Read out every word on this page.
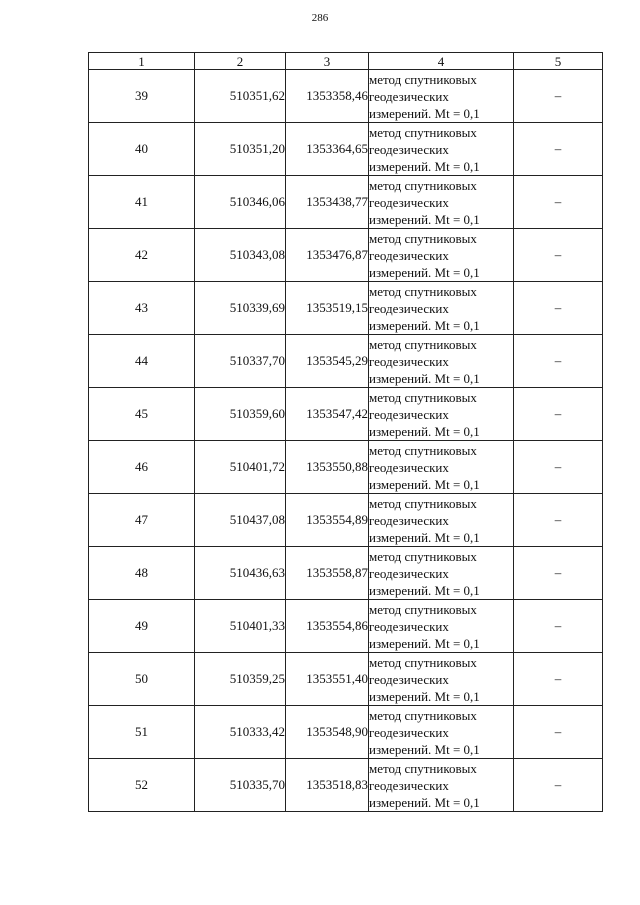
286
1	2	3	4	5
39	510351,62	1353358,46	метод спутниковых
геодезических
измерений. Mt = 0,1	–
40	510351,20	1353364,65	метод спутниковых
геодезических
измерений. Mt = 0,1	–
41	510346,06	1353438,77	метод спутниковых
геодезических
измерений. Mt = 0,1	–
42	510343,08	1353476,87	метод спутниковых
геодезических
измерений. Mt = 0,1	–
43	510339,69	1353519,15	метод спутниковых
геодезических
измерений. Mt = 0,1	–
44	510337,70	1353545,29	метод спутниковых
геодезических
измерений. Mt = 0,1	–
45	510359,60	1353547,42	метод спутниковых
геодезических
измерений. Mt = 0,1	–
46	510401,72	1353550,88	метод спутниковых
геодезических
измерений. Mt = 0,1	–
47	510437,08	1353554,89	метод спутниковых
геодезических
измерений. Mt = 0,1	–
48	510436,63	1353558,87	метод спутниковых
геодезических
измерений. Mt = 0,1	–
49	510401,33	1353554,86	метод спутниковых
геодезических
измерений. Mt = 0,1	–
50	510359,25	1353551,40	метод спутниковых
геодезических
измерений. Mt = 0,1	–
51	510333,42	1353548,90	метод спутниковых
геодезических
измерений. Mt = 0,1	–
52	510335,70	1353518,83	метод спутниковых
геодезических
измерений. Mt = 0,1	–
